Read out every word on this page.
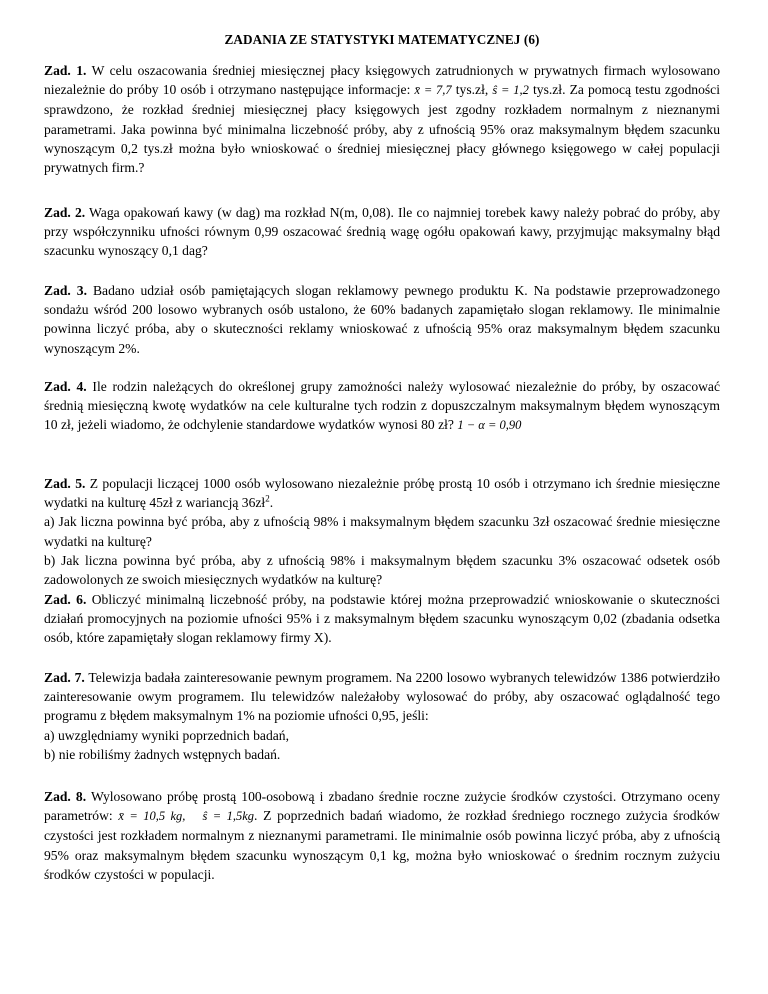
ZADANIA ZE STATYSTYKI MATEMATYCZNEJ (6)

Zad. 1. W celu oszacowania średniej miesięcznej płacy księgowych zatrudnionych w prywatnych firmach wylosowano niezależnie do próby 10 osób i otrzymano następujące informacje: x̄ = 7,7 tys.zł, ŝ = 1,2 tys.zł. Za pomocą testu zgodności sprawdzono, że rozkład średniej miesięcznej płacy księgowych jest zgodny rozkładem normalnym z nieznanymi parametrami. Jaka powinna być minimalna liczebność próby, aby z ufnością 95% oraz maksymalnym błędem szacunku wynoszącym 0,2 tys.zł można było wnioskować o średniej miesięcznej płacy głównego księgowego w całej populacji prywatnych firm.?

Zad. 2. Waga opakowań kawy (w dag) ma rozkład N(m, 0,08). Ile co najmniej torebek kawy należy pobrać do próby, aby przy współczynniku ufności równym 0,99 oszacować średnią wagę ogółu opakowań kawy, przyjmując maksymalny błąd szacunku wynoszący 0,1 dag?

Zad. 3. Badano udział osób pamiętających slogan reklamowy pewnego produktu K. Na podstawie przeprowadzonego sondażu wśród 200 losowo wybranych osób ustalono, że 60% badanych zapamiętało slogan reklamowy. Ile minimalnie powinna liczyć próba, aby o skuteczności reklamy wnioskować z ufnością 95% oraz maksymalnym błędem szacunku wynoszącym 2%.

Zad. 4. Ile rodzin należących do określonej grupy zamożności należy wylosować niezależnie do próby, by oszacować średnią miesięczną kwotę wydatków na cele kulturalne tych rodzin z dopuszczalnym maksymalnym błędem wynoszącym 10 zł, jeżeli wiadomo, że odchylenie standardowe wydatków wynosi 80 zł? 1 − α = 0,90

Zad. 5. Z populacji liczącej 1000 osób wylosowano niezależnie próbę prostą 10 osób i otrzymano ich średnie miesięczne wydatki na kulturę 45zł z wariancją $36zł^2$.

a) Jak liczna powinna być próba, aby z ufnością 98% i maksymalnym błędem szacunku 3zł oszacować średnie miesięczne wydatki na kulturę?

b) Jak liczna powinna być próba, aby z ufnością 98% i maksymalnym błędem szacunku 3% oszacować odsetek osób zadowolonych ze swoich miesięcznych wydatków na kulturę?

Zad. 6. Obliczyć minimalną liczebność próby, na podstawie której można przeprowadzić wnioskowanie o skuteczności działań promocyjnych na poziomie ufności 95% i z maksymalnym błędem szacunku wynoszącym 0,02 (zbadania odsetka osób, które zapamiętały slogan reklamowy firmy X).

Zad. 7. Telewizja badała zainteresowanie pewnym programem. Na 2200 losowo wybranych telewidzów 1386 potwierdziło zainteresowanie owym programem. Ilu telewidzów należałoby wylosować do próby, aby oszacować oglądalność tego programu z błędem maksymalnym 1% na poziomie ufności 0,95, jeśli:

a) uwzględniamy wyniki poprzednich badań,

b) nie robiliśmy żadnych wstępnych badań.

Zad. 8. Wylosowano próbę prostą 100-osobową i zbadano średnie roczne zużycie środków czystości. Otrzymano oceny parametrów: x̄ = 10,5 kg, ŝ = 1,5kg. Z poprzednich badań wiadomo, że rozkład średniego rocznego zużycia środków czystości jest rozkładem normalnym z nieznanymi parametrami. Ile minimalnie osób powinna liczyć próba, aby z ufnością 95% oraz maksymalnym błędem szacunku wynoszącym 0,1 kg, można było wnioskować o średnim rocznym zużyciu środków czystości w populacji.
